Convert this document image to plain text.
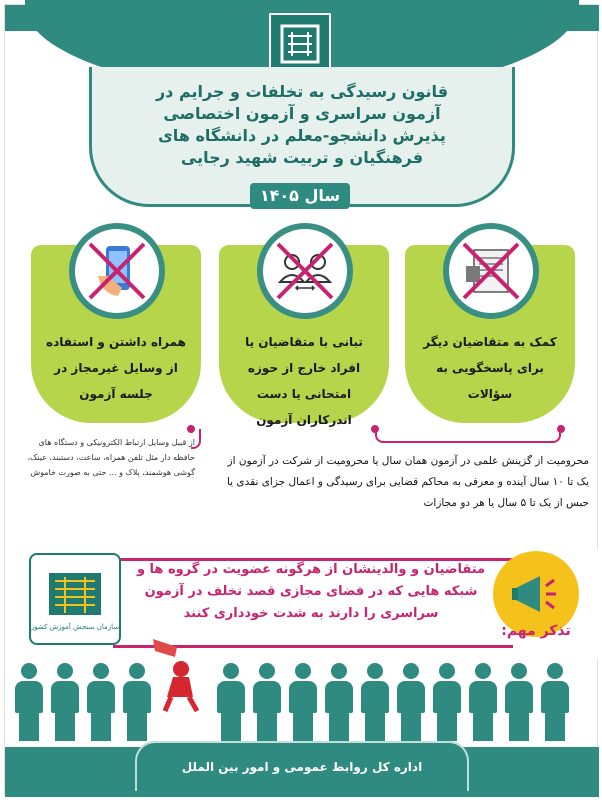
قانون رسیدگی به تخلفات و جرایم در
آزمون سراسری و آزمون اختصاصی
پذیرش دانشجو-معلم در دانشگاه های
فرهنگیان و تربیت شهید رجایی
سال ۱۴۰۵
کمک به متقاضیان دیگر برای پاسخگویی به سؤالات
تبانی با متقاضیان یا افراد خارج از حوزه امتحانی یا دست اندرکاران آزمون
همراه داشتن و استفاده از وسایل غیرمجاز در جلسه آزمون
از قبیل وسایل ارتباط الکترونیکی و دستگاه های حافظه دار مثل تلفن همراه، ساعت، دستبند، عینک، گوشی هوشمند، پلاک و ... حتی به صورت خاموش
محرومیت از گزینش علمی در آزمون همان سال یا محرومیت از شرکت در آزمون از یک تا ۱۰ سال آینده و معرفی به محاکم قضایی برای رسیدگی و اعمال جزای نقدی یا حبس از یک تا ۵ سال یا هر دو مجازات
متقاضیان و والدینشان از هرگونه عضویت در گروه ها و شبکه هایی که در فضای مجازی قصد تخلف در آزمون سراسری را دارند به شدت خودداری کنند
سازمان سنجش آموزش کشور	تذکر مهم:
اداره کل روابط عمومی و امور بین الملل
